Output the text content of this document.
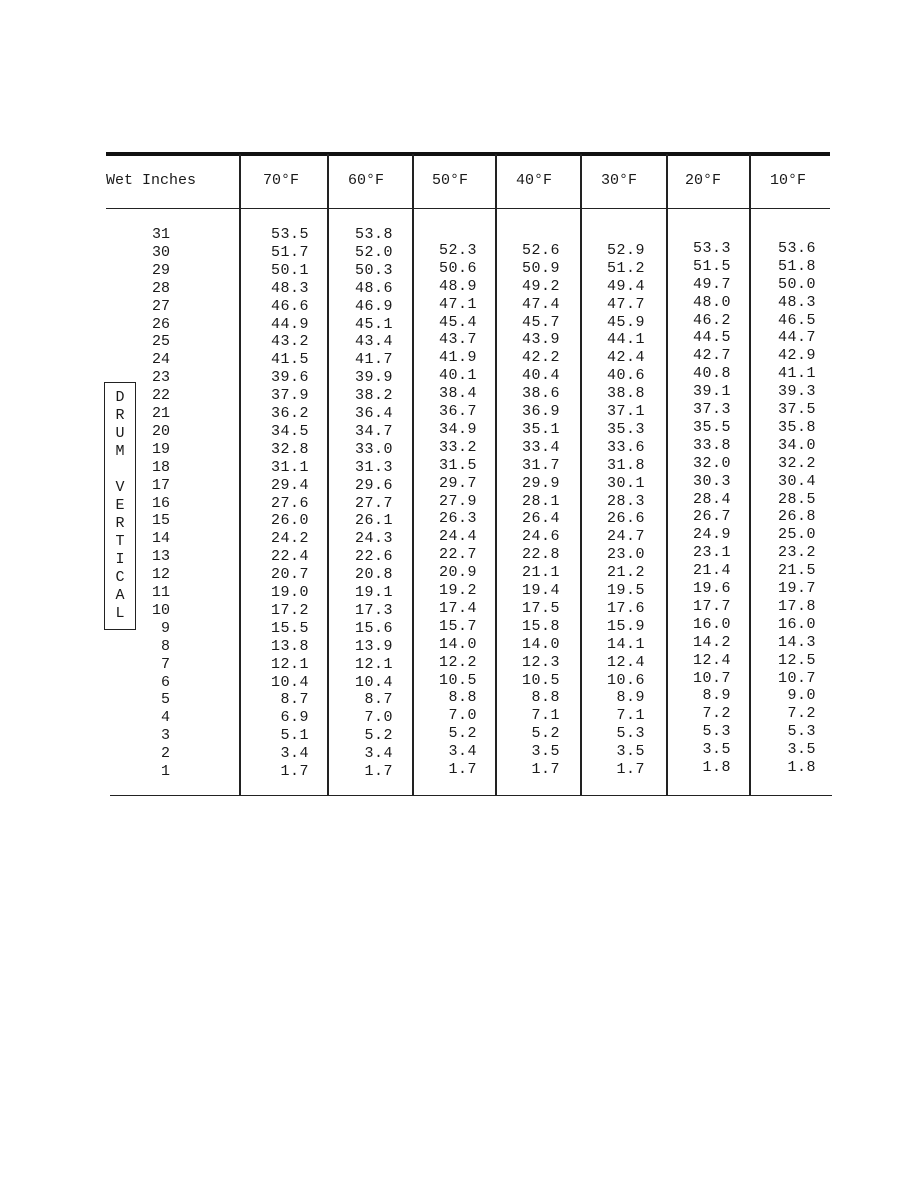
Wet Inches	70°F	60°F	50°F	40°F	30°F	20°F	10°F
D
R
U
M
V
E
R
T
I
C
A
L
31	53.5	53.8
30	51.7	52.0	52.3	52.6	52.9	53.3	53.6
29	50.1	50.3	50.6	50.9	51.2	51.5	51.8
28	48.3	48.6	48.9	49.2	49.4	49.7	50.0
27	46.6	46.9	47.1	47.4	47.7	48.0	48.3
26	44.9	45.1	45.4	45.7	45.9	46.2	46.5
25	43.2	43.4	43.7	43.9	44.1	44.5	44.7
24	41.5	41.7	41.9	42.2	42.4	42.7	42.9
23	39.6	39.9	40.1	40.4	40.6	40.8	41.1
22	37.9	38.2	38.4	38.6	38.8	39.1	39.3
21	36.2	36.4	36.7	36.9	37.1	37.3	37.5
20	34.5	34.7	34.9	35.1	35.3	35.5	35.8
19	32.8	33.0	33.2	33.4	33.6	33.8	34.0
18	31.1	31.3	31.5	31.7	31.8	32.0	32.2
17	29.4	29.6	29.7	29.9	30.1	30.3	30.4
16	27.6	27.7	27.9	28.1	28.3	28.4	28.5
15	26.0	26.1	26.3	26.4	26.6	26.7	26.8
14	24.2	24.3	24.4	24.6	24.7	24.9	25.0
13	22.4	22.6	22.7	22.8	23.0	23.1	23.2
12	20.7	20.8	20.9	21.1	21.2	21.4	21.5
11	19.0	19.1	19.2	19.4	19.5	19.6	19.7
10	17.2	17.3	17.4	17.5	17.6	17.7	17.8
9	15.5	15.6	15.7	15.8	15.9	16.0	16.0
8	13.8	13.9	14.0	14.0	14.1	14.2	14.3
7	12.1	12.1	12.2	12.3	12.4	12.4	12.5
6	10.4	10.4	10.5	10.5	10.6	10.7	10.7
5	8.7	8.7	8.8	8.8	8.9	8.9	9.0
4	6.9	7.0	7.0	7.1	7.1	7.2	7.2
3	5.1	5.2	5.2	5.2	5.3	5.3	5.3
2	3.4	3.4	3.4	3.5	3.5	3.5	3.5
1	1.7	1.7	1.7	1.7	1.7	1.8	1.8
